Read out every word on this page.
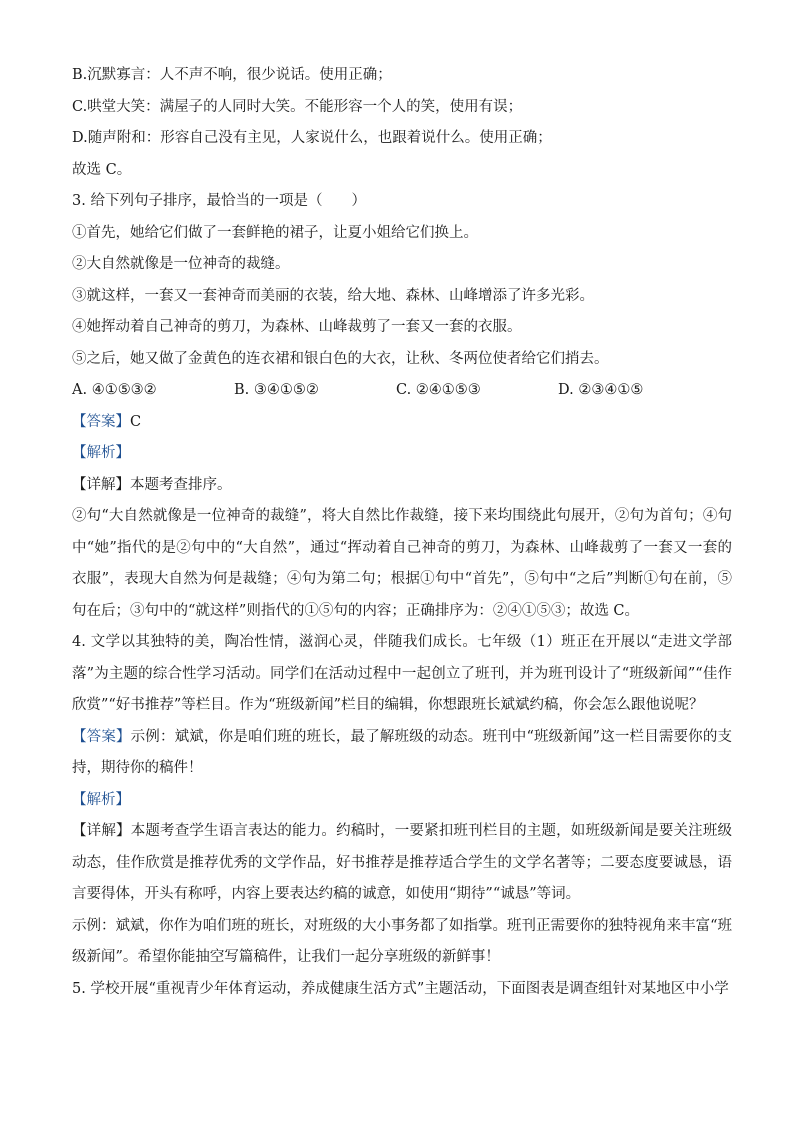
B.沉默寡言：人不声不响，很少说话。使用正确；
C.哄堂大笑：满屋子的人同时大笑。不能形容一个人的笑，使用有误；
D.随声附和：形容自己没有主见，人家说什么，也跟着说什么。使用正确；
故选 C。
3. 给下列句子排序，最恰当的一项是（　　）
①首先，她给它们做了一套鲜艳的裙子，让夏小姐给它们换上。
②大自然就像是一位神奇的裁缝。
③就这样，一套又一套神奇而美丽的衣装，给大地、森林、山峰增添了许多光彩。
④她挥动着自己神奇的剪刀，为森林、山峰裁剪了一套又一套的衣服。
⑤之后，她又做了金黄色的连衣裙和银白色的大衣，让秋、冬两位使者给它们捎去。
A. ④①⑤③②	B. ③④①⑤②	C. ②④①⑤③	D. ②③④①⑤
【答案】C
【解析】
【详解】本题考查排序。
②句“大自然就像是一位神奇的裁缝”，将大自然比作裁缝，接下来均围绕此句展开，②句为首句；④句中“她”指代的是②句中的“大自然”，通过“挥动着自己神奇的剪刀，为森林、山峰裁剪了一套又一套的衣服”，表现大自然为何是裁缝；④句为第二句；根据①句中“首先”，⑤句中“之后”判断①句在前，⑤句在后；③句中的“就这样”则指代的①⑤句的内容；正确排序为：②④①⑤③；故选 C。
4. 文学以其独特的美，陶冶性情，滋润心灵，伴随我们成长。七年级（1）班正在开展以“走进文学部落”为主题的综合性学习活动。同学们在活动过程中一起创立了班刊，并为班刊设计了“班级新闻”“佳作欣赏”“好书推荐”等栏目。作为“班级新闻”栏目的编辑，你想跟班长斌斌约稿，你会怎么跟他说呢？
【答案】示例：斌斌，你是咱们班的班长，最了解班级的动态。班刊中“班级新闻”这一栏目需要你的支持，期待你的稿件！
【解析】
【详解】本题考查学生语言表达的能力。约稿时，一要紧扣班刊栏目的主题，如班级新闻是要关注班级动态，佳作欣赏是推荐优秀的文学作品，好书推荐是推荐适合学生的文学名著等；二要态度要诚恳，语言要得体，开头有称呼，内容上要表达约稿的诚意，如使用“期待”“诚恳”等词。
示例：斌斌，你作为咱们班的班长，对班级的大小事务都了如指掌。班刊正需要你的独特视角来丰富“班级新闻”。希望你能抽空写篇稿件，让我们一起分享班级的新鲜事！
5. 学校开展“重视青少年体育运动，养成健康生活方式”主题活动，下面图表是调查组针对某地区中小学
